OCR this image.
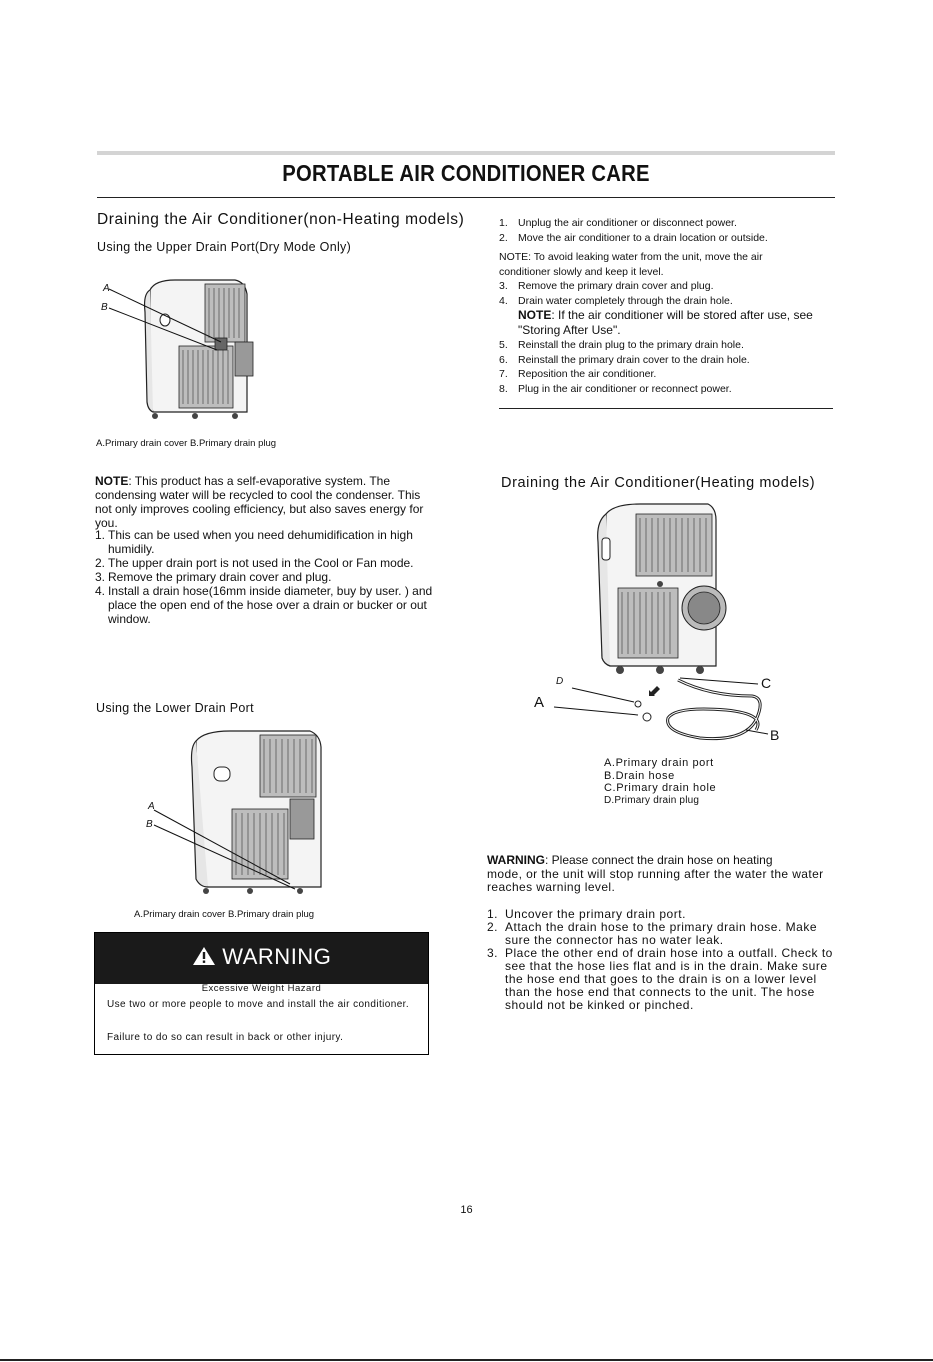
PORTABLE AIR CONDITIONER CARE
Draining the Air Conditioner(non-Heating models)
Using the Upper Drain Port(Dry Mode Only)
A
B
A.Primary drain cover B.Primary drain plug
NOTE: This product has a self-evaporative system. The condensing water will be recycled to cool the condenser. This not only improves cooling efficiency, but also saves energy for you.
1. This can be used when you need dehumidification in high humidily.
2. The upper drain port is not used in the Cool or Fan mode.
3. Remove the primary drain cover and plug.
4. Install a drain hose(16mm inside diameter, buy by user. ) and place the open end of the hose over a drain or bucker or out window.
Using the Lower Drain Port
A
B
A.Primary drain cover B.Primary drain plug
WARNING
Excessive Weight Hazard
Use two or more people to move and install the air conditioner.
Failure to do so can result in back or other injury.
1. Unplug the air conditioner or disconnect power.
2. Move the air conditioner to a drain location or outside.
NOTE: To avoid leaking water from the unit, move the air
conditioner slowly and keep it level.
3. Remove the primary drain cover and plug.
4. Drain water completely through the drain hole.
NOTE: If the air conditioner will be stored after use, see
"Storing After Use".
5. Reinstall the drain plug to the primary drain hole.
6. Reinstall the primary drain cover to the drain hole.
7. Reposition the air conditioner.
8. Plug in the air conditioner or reconnect power.
Draining the Air Conditioner(Heating models)
D
A
C
B
A.Primary drain port
B.Drain hose
C.Primary drain hole
D.Primary drain plug
WARNING: Please connect the drain hose on heating
mode, or the unit will stop running after the water the water
reaches warning level.
1. Uncover the primary drain port.
2. Attach the drain hose to the primary drain hose. Make sure the connector has no water leak.
3. Place the other end of drain hose into a outfall. Check to see that the hose lies flat and is in the drain. Make sure the hose end that goes to the drain is on a lower level than the hose end that connects to the unit. The hose should not be kinked or pinched.
16
